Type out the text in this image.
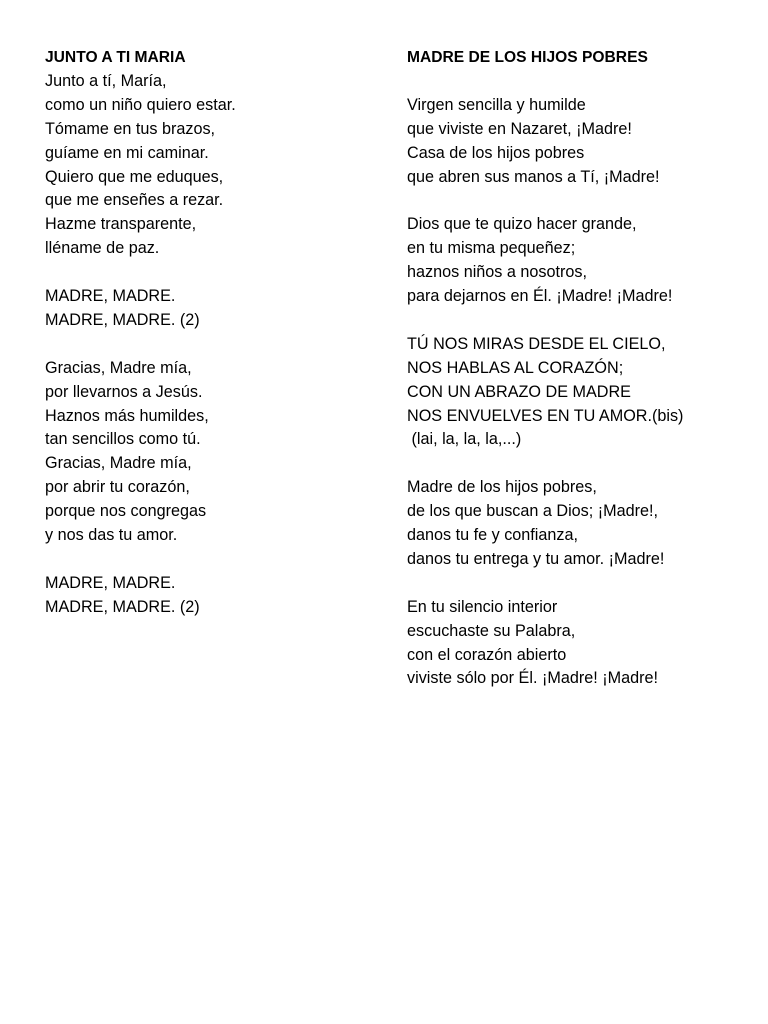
JUNTO A TI MARIA

Junto a tí, María,
como un niño quiero estar.
Tómame en tus brazos,
guíame en mi caminar.
Quiero que me eduques,
que me enseñes a rezar.
Hazme transparente,
lléname de paz.

MADRE, MADRE.
MADRE, MADRE. (2)

Gracias, Madre mía,
por llevarnos a Jesús.
Haznos más humildes,
tan sencillos como tú.
Gracias, Madre mía,
por abrir tu corazón,
porque nos congregas
y nos das tu amor.

MADRE, MADRE.
MADRE, MADRE. (2)

MADRE DE LOS HIJOS POBRES

Virgen sencilla y humilde
que viviste en Nazaret, ¡Madre!
Casa de los hijos pobres
que abren sus manos a Tí, ¡Madre!

Dios que te quizo hacer grande,
en tu misma pequeñez;
haznos niños a nosotros,
para dejarnos en Él. ¡Madre! ¡Madre!

TÚ NOS MIRAS DESDE EL CIELO,
NOS HABLAS AL CORAZÓN;
CON UN ABRAZO DE MADRE
NOS ENVUELVES EN TU AMOR.(bis)
(lai, la, la, la,...)

Madre de los hijos pobres,
de los que buscan a Dios; ¡Madre!,
danos tu fe y confianza,
danos tu entrega y tu amor. ¡Madre!

En tu silencio interior
escuchaste su Palabra,
con el corazón abierto
viviste sólo por Él. ¡Madre! ¡Madre!
